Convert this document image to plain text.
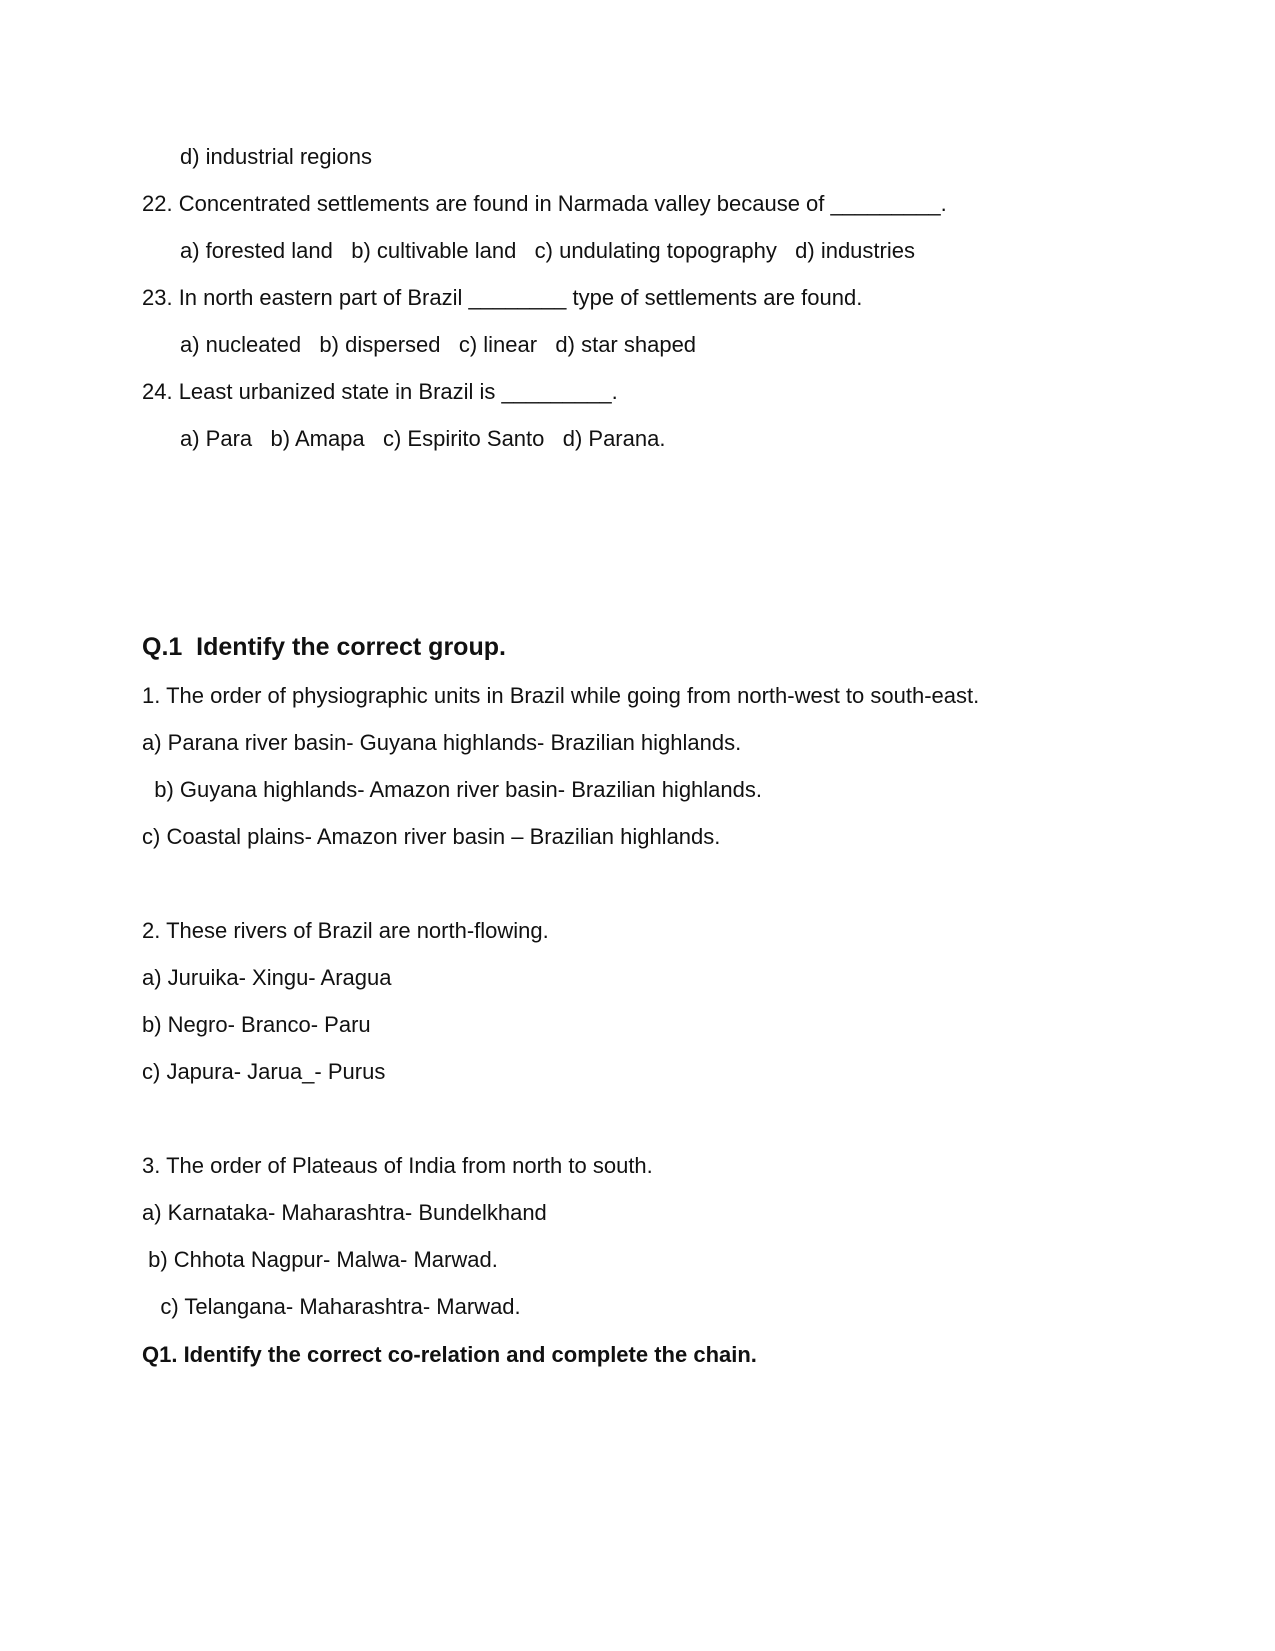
d) industrial regions

22. Concentrated settlements are found in Narmada valley because of _________.

a) forested land   b) cultivable land   c) undulating topography   d) industries

23. In north eastern part of Brazil ________ type of settlements are found.

a) nucleated   b) dispersed   c) linear   d) star shaped

24. Least urbanized state in Brazil is _________.

a) Para   b) Amapa   c) Espirito Santo   d) Parana.

Q.1  Identify the correct group.

1. The order of physiographic units in Brazil while going from north-west to south-east.

a) Parana river basin- Guyana highlands- Brazilian highlands.

b) Guyana highlands- Amazon river basin- Brazilian highlands.

c) Coastal plains- Amazon river basin – Brazilian highlands.

2. These rivers of Brazil are north-flowing.

a) Juruika- Xingu- Aragua

b) Negro- Branco- Paru

c) Japura- Jarua_- Purus

3. The order of Plateaus of India from north to south.

a) Karnataka- Maharashtra- Bundelkhand

b) Chhota Nagpur- Malwa- Marwad.

c) Telangana- Maharashtra- Marwad.

Q1. Identify the correct co-relation and complete the chain.
